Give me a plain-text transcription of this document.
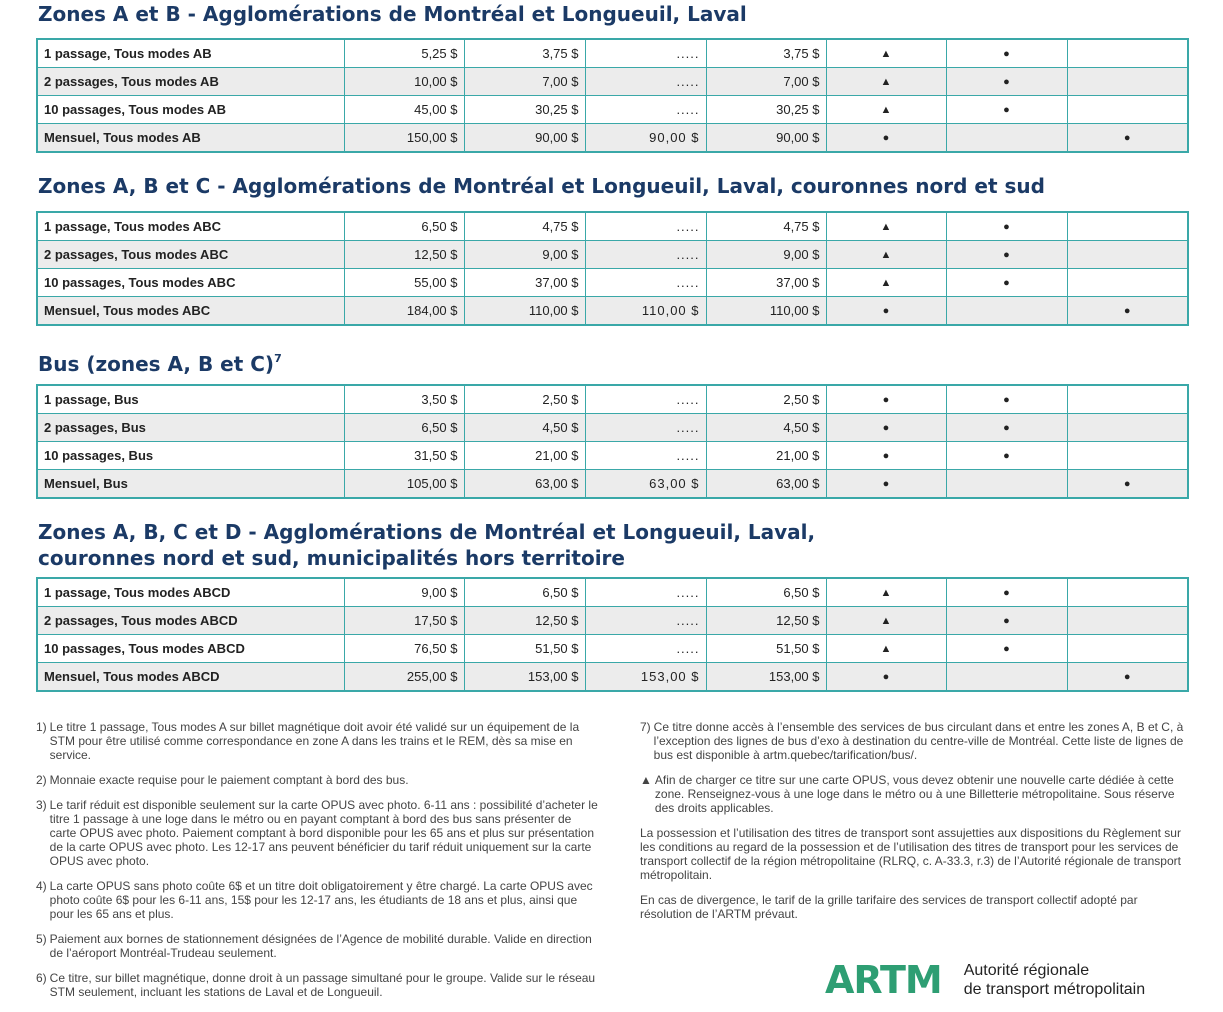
Zones A et B - Agglomérations de Montréal et Longueuil, Laval
1 passage, Tous modes AB	5,25 $	3,75 $	.....	3,75 $	▲	●	
2 passages, Tous modes AB	10,00 $	7,00 $	.....	7,00 $	▲	●	
10 passages, Tous modes AB	45,00 $	30,25 $	.....	30,25 $	▲	●	
Mensuel, Tous modes AB	150,00 $	90,00 $	90,00 $	90,00 $	●		●
Zones A, B et C - Agglomérations de Montréal et Longueuil, Laval, couronnes nord et sud
1 passage, Tous modes ABC	6,50 $	4,75 $	.....	4,75 $	▲	●	
2 passages, Tous modes ABC	12,50 $	9,00 $	.....	9,00 $	▲	●	
10 passages, Tous modes ABC	55,00 $	37,00 $	.....	37,00 $	▲	●	
Mensuel, Tous modes ABC	184,00 $	110,00 $	110,00 $	110,00 $	●		●
Bus (zones A, B et C)$^7$
1 passage, Bus	3,50 $	2,50 $	.....	2,50 $	●	●	
2 passages, Bus	6,50 $	4,50 $	.....	4,50 $	●	●	
10 passages, Bus	31,50 $	21,00 $	.....	21,00 $	●	●	
Mensuel, Bus	105,00 $	63,00 $	63,00 $	63,00 $	●		●
Zones A, B, C et D - Agglomérations de Montréal et Longueuil, Laval,
couronnes nord et sud, municipalités hors territoire
1 passage, Tous modes ABCD	9,00 $	6,50 $	.....	6,50 $	▲	●	
2 passages, Tous modes ABCD	17,50 $	12,50 $	.....	12,50 $	▲	●	
10 passages, Tous modes ABCD	76,50 $	51,50 $	.....	51,50 $	▲	●	
Mensuel, Tous modes ABCD	255,00 $	153,00 $	153,00 $	153,00 $	●		●
1) Le titre 1 passage, Tous modes A sur billet magnétique doit avoir été validé sur un équipement de la STM pour être utilisé comme correspondance en zone A dans les trains et le REM, dès sa mise en service.
2) Monnaie exacte requise pour le paiement comptant à bord des bus.
3) Le tarif réduit est disponible seulement sur la carte OPUS avec photo. 6-11 ans : possibilité d’acheter le titre 1 passage à une loge dans le métro ou en payant comptant à bord des bus sans présenter de carte OPUS avec photo. Paiement comptant à bord disponible pour les 65 ans et plus sur présentation de la carte OPUS avec photo. Les 12-17 ans peuvent bénéficier du tarif réduit uniquement sur la carte OPUS avec photo.
4) La carte OPUS sans photo coûte 6$ et un titre doit obligatoirement y être chargé. La carte OPUS avec photo coûte 6$ pour les 6-11 ans, 15$ pour les 12-17 ans, les étudiants de 18 ans et plus, ainsi que pour les 65 ans et plus.
5) Paiement aux bornes de stationnement désignées de l’Agence de mobilité durable. Valide en direction de l’aéroport Montréal-Trudeau seulement.
6) Ce titre, sur billet magnétique, donne droit à un passage simultané pour le groupe. Valide sur le réseau STM seulement, incluant les stations de Laval et de Longueuil.
7) Ce titre donne accès à l’ensemble des services de bus circulant dans et entre les zones A, B et C, à l’exception des lignes de bus d’exo à destination du centre-ville de Montréal. Cette liste de lignes de bus est disponible à artm.quebec/tarification/bus/.
▲ Afin de charger ce titre sur une carte OPUS, vous devez obtenir une nouvelle carte dédiée à cette zone. Renseignez-vous à une loge dans le métro ou à une Billetterie métropolitaine. Sous réserve des droits applicables.
La possession et l’utilisation des titres de transport sont assujetties aux dispositions du Règlement sur les conditions au regard de la possession et de l’utilisation des titres de transport pour les services de transport collectif de la région métropolitaine (RLRQ, c. A-33.3, r.3) de l’Autorité régionale de transport métropolitain.
En cas de divergence, le tarif de la grille tarifaire des services de transport collectif adopté par résolution de l’ARTM prévaut.
ARTM Autorité régionale
de transport métropolitain
